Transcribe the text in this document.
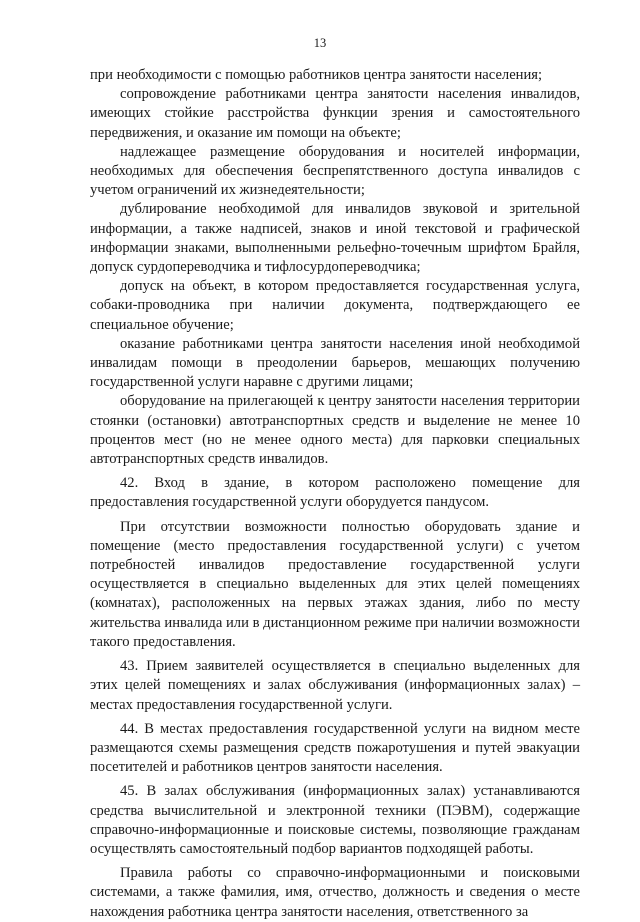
13

при необходимости с помощью работников центра занятости населения;

сопровождение работниками центра занятости населения инвалидов, имеющих стойкие расстройства функции зрения и самостоятельного передвижения, и оказание им помощи на объекте;

надлежащее размещение оборудования и носителей информации, необходимых для обеспечения беспрепятственного доступа инвалидов с учетом ограничений их жизнедеятельности;

дублирование необходимой для инвалидов звуковой и зрительной информации, а также надписей, знаков и иной текстовой и графической информации знаками, выполненными рельефно-точечным шрифтом Брайля, допуск сурдопереводчика и тифлосурдопереводчика;

допуск на объект, в котором предоставляется государственная услуга, собаки-проводника при наличии документа, подтверждающего ее специальное обучение;

оказание работниками центра занятости населения иной необходимой инвалидам помощи в преодолении барьеров, мешающих получению государственной услуги наравне с другими лицами;

оборудование на прилегающей к центру занятости населения территории стоянки (остановки) автотранспортных средств и выделение не менее 10 процентов мест (но не менее одного места) для парковки специальных автотранспортных средств инвалидов.

42. Вход в здание, в котором расположено помещение для предоставления государственной услуги оборудуется пандусом.

При отсутствии возможности полностью оборудовать здание и помещение (место предоставления государственной услуги) с учетом потребностей инвалидов предоставление государственной услуги осуществляется в специально выделенных для этих целей помещениях (комнатах), расположенных на первых этажах здания, либо по месту жительства инвалида или в дистанционном режиме при наличии возможности такого предоставления.

43. Прием заявителей осуществляется в специально выделенных для этих целей помещениях и залах обслуживания (информационных залах) – местах предоставления государственной услуги.

44. В местах предоставления государственной услуги на видном месте размещаются схемы размещения средств пожаротушения и путей эвакуации посетителей и работников центров занятости населения.

45. В залах обслуживания (информационных залах) устанавливаются средства вычислительной и электронной техники (ПЭВМ), содержащие справочно-информационные и поисковые системы, позволяющие гражданам осуществлять самостоятельный подбор вариантов подходящей работы.

Правила работы со справочно-информационными и поисковыми системами, а также фамилия, имя, отчество, должность и сведения о месте нахождения работника центра занятости населения, ответственного за
